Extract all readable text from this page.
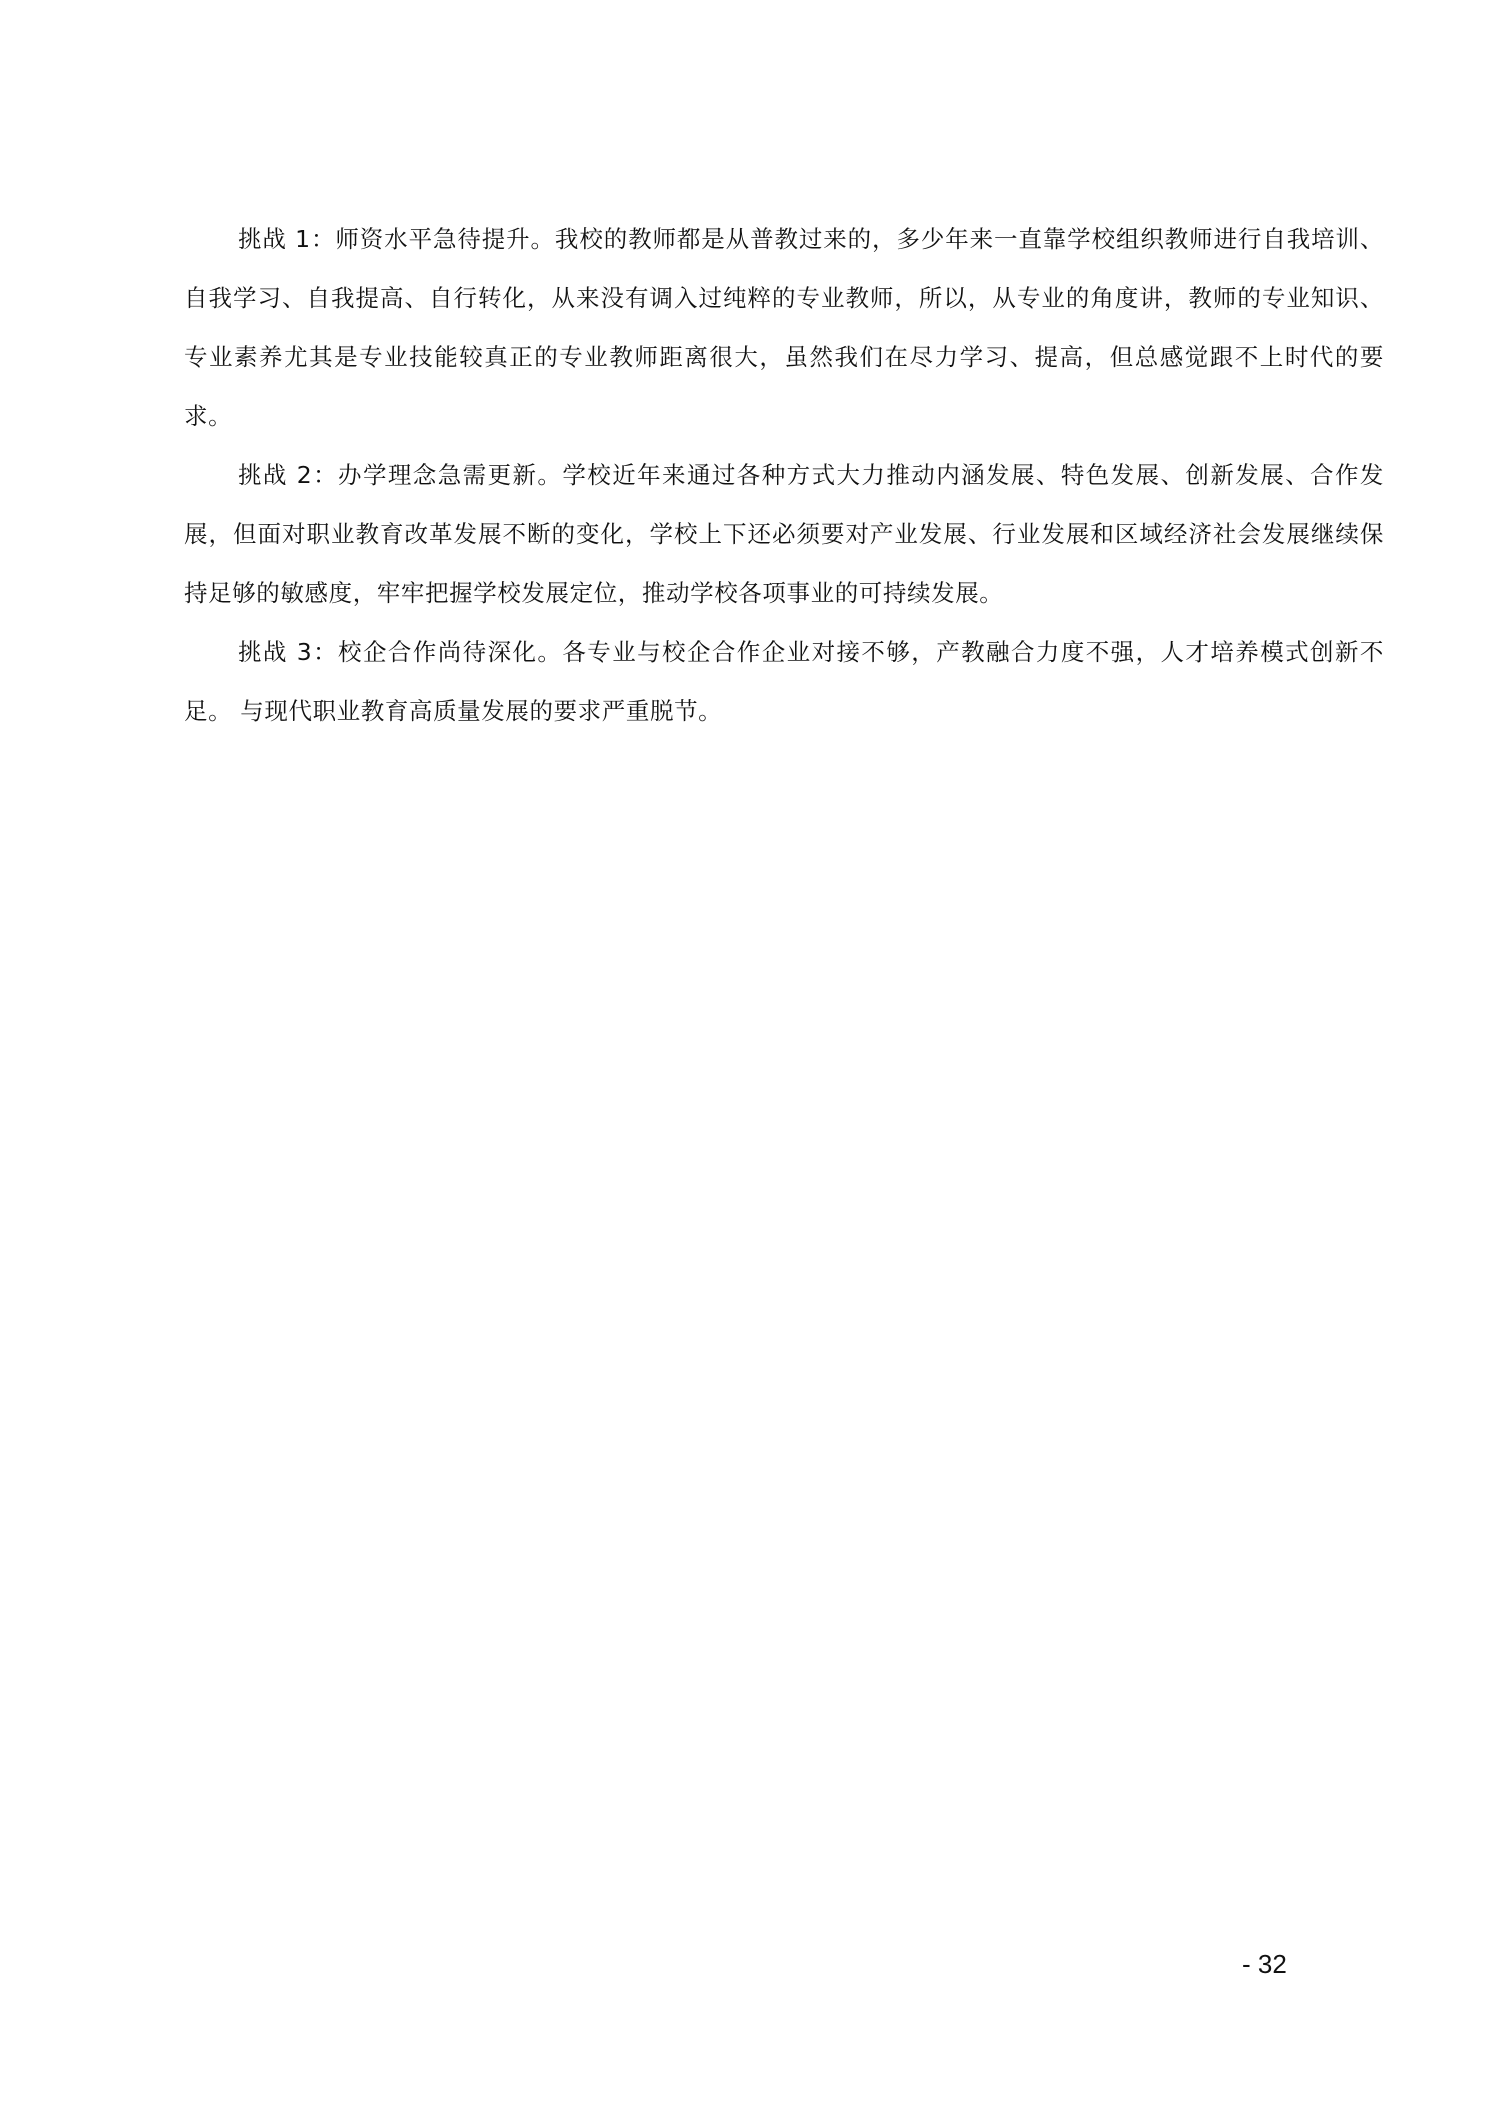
挑战 1：师资水平急待提升。我校的教师都是从普教过来的，多少年来一直靠学校组织教师进行自我培训、自我学习、自我提高、自行转化，从来没有调入过纯粹的专业教师，所以，从专业的角度讲，教师的专业知识、专业素养尤其是专业技能较真正的专业教师距离很大，虽然我们在尽力学习、提高，但总感觉跟不上时代的要求。

挑战 2：办学理念急需更新。学校近年来通过各种方式大力推动内涵发展、特色发展、创新发展、合作发展，但面对职业教育改革发展不断的变化，学校上下还必须要对产业发展、行业发展和区域经济社会发展继续保持足够的敏感度，牢牢把握学校发展定位，推动学校各项事业的可持续发展。

挑战 3：校企合作尚待深化。各专业与校企合作企业对接不够，产教融合力度不强，人才培养模式创新不足。 与现代职业教育高质量发展的要求严重脱节。

- 32
